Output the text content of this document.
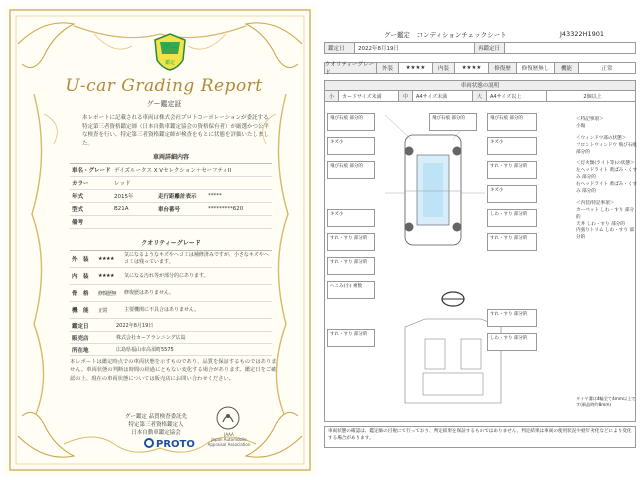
グー
鑑定
U-car Grading Report
グー鑑定証
本レポートに記載される車両は株式会社プロトコーポレーションが委託する特定第三者資格鑑定師（日本自動車鑑定協会の資格保有者）が厳選かつ公平な検査を行い、特定第三者資格鑑定師が検査をもとに状態を評価いたしました。
車両詳細内容
車名・グレード デイズルークス X Vセレクション＋セーフティII
カラー	レッド
年式	2015年	走行距離計表示	*****
型式	B21A	車台番号	*********620
備考
クオリティーグレード
外　装	★★★★
気になるようなキズやヘコミは補修済みですが、小さなキズやヘコミは残っています。
内　装	★★★★	気になる汚れ等が部分的にあります。
骨　格	修復歴無	修復歴はありません。
機　能	正常	主要機関に不具合はありません。
鑑定日	2022年8月19日
販売店	株式会社カーアランニング広島
所在地	広島県福山市高須町5575
本レポートは鑑定時点での車両状態を示すものであり、品質を保証するものではありません。車両状態の判断は時間の経過にともない変化する場合があります。鑑定日をご確認の上、現在の車両状態については販売店にお問い合わせください。
グー鑑定 品質検査委託先
特定第三者資格鑑定人
日本自動車鑑定協会	JAAA
Japan Automobile Appraisal Association
PROTO
グー鑑定　コンディションチェックシート	J43322H1901
鑑定日	2022年8月19日	再鑑定日
クオリティーグレード
外装	★★★★	内装	★★★★	修復歴	修復歴無し	機能	正常
車両状態の説明
小	カードサイズ未満	中	A4サイズ未満	大	A4サイズ以上	2個以上
飛び石痕 部分的	飛び石痕 部分的	飛び石痕 部分的
キズ小	キズ小
飛び石痕 部分的	すれ・すり 部分的
キズ小
キズ小	しわ・すり 部分的
すれ・すり 部分的	すれ・すり 部分的
すれ・すり 部分的
へこみ(小) 複数
すれ・すり 部分的
すれ・すり 部分的
しわ・すり 部分的
＜特記事項＞
小傷
＜ウィンドウ部の状態＞
フロントウィンドウ 飛び石痕 部分的
＜灯火類(ライト等)の状態＞
左ヘッドライト 黄ばみ・くすみ 部分的
右ヘッドライト 黄ばみ・くすみ 部分的
＜内装/特記事項＞
カーペット しわ・すり 部分的
天井 しわ・すり 部分的
内張りトリム しわ・すり 部分的
タイヤ溝は4輪全て4mm以上です(新品時約8mm)
車両状態の確認は、鑑定師の目視にて行っており、判定結果を保証するものではありません。判定結果は車両の使用状況や経年劣化などにより変化する場合があります。
